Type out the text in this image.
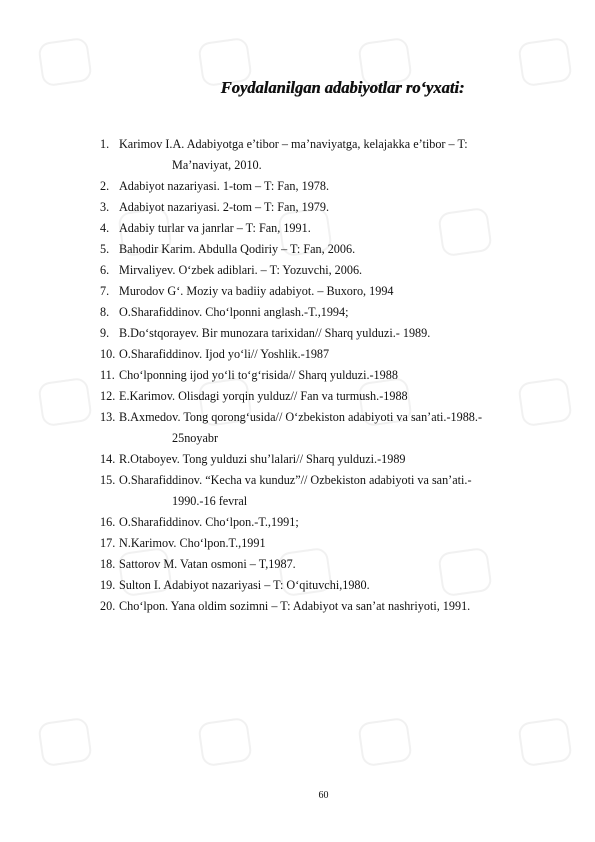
Foydalanilgan adabiyotlar ro‘yxati:
1. Karimov I.A. Adabiyotga e’tibor – ma’naviyatga, kelajakka e’tibor – T:
Ma’naviyat, 2010.
2. Adabiyot nazariyasi. 1-tom – T: Fan, 1978.
3. Adabiyot nazariyasi. 2-tom – T: Fan, 1979.
4. Adabiy turlar va janrlar – T: Fan, 1991.
5. Bahodir Karim. Abdulla Qodiriy – T: Fan, 2006.
6. Mirvaliyev. O‘zbek adiblari. – T: Yozuvchi, 2006.
7. Murodov G‘. Moziy va badiiy adabiyot. – Buxoro, 1994
8. O.Sharafiddinov. Cho‘lponni anglash.-T.,1994;
9. B.Do‘stqorayev. Bir munozara tarixidan// Sharq yulduzi.- 1989.
10. O.Sharafiddinov. Ijod yo‘li// Yoshlik.-1987
11. Cho‘lponning ijod yo‘li to‘g‘risida// Sharq yulduzi.-1988
12. E.Karimov. Olisdagi yorqin yulduz// Fan va turmush.-1988
13. B.Axmedov. Tong qorong‘usida// O‘zbekiston adabiyoti va san’ati.-1988.-
25noyabr
14. R.Otaboyev. Tong yulduzi shu’lalari// Sharq yulduzi.-1989
15. O.Sharafiddinov. “Kecha va kunduz”// Ozbekiston adabiyoti va san’ati.-
1990.-16 fevral
16. O.Sharafiddinov. Cho‘lpon.-T.,1991;
17. N.Karimov. Cho‘lpon.T.,1991
18. Sattorov M. Vatan osmoni – T,1987.
19. Sulton I. Adabiyot nazariyasi – T: O‘qituvchi,1980.
20. Cho‘lpon. Yana oldim sozimni – T: Adabiyot va san’at nashriyoti, 1991.
60
